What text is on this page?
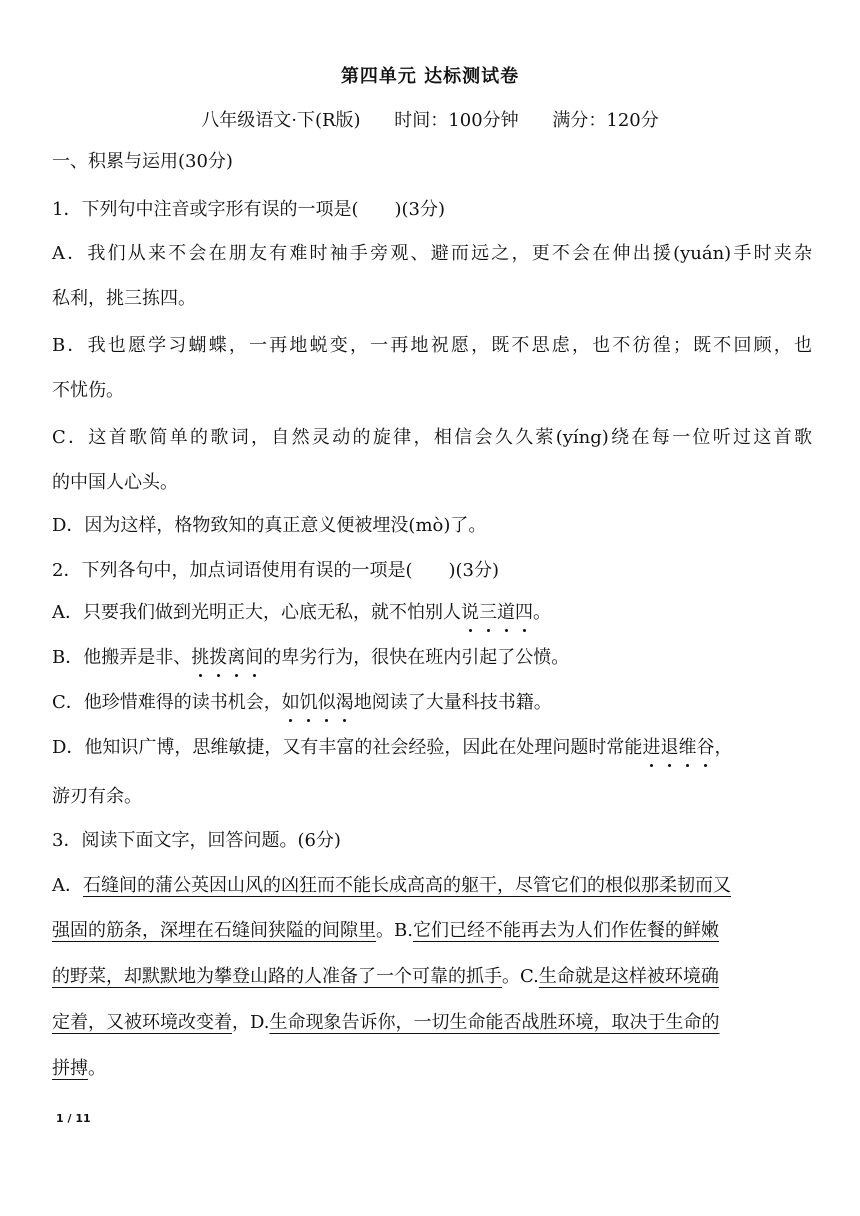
第四单元 达标测试卷
八年级语文·下(R版) 时间：100分钟 满分：120分
一、积累与运用(30分)
1．下列句中注音或字形有误的一项是( )(3分)
A．我们从来不会在朋友有难时袖手旁观、避而远之，更不会在伸出援(yuán)手时夹杂
私利，挑三拣四。
B．我也愿学习蝴蝶，一再地蜕变，一再地祝愿，既不思虑，也不彷徨；既不回顾，也
不忧伤。
C．这首歌简单的歌词，自然灵动的旋律，相信会久久萦(yíng)绕在每一位听过这首歌
的中国人心头。
D．因为这样，格物致知的真正意义便被埋没(mò)了。
2．下列各句中，加点词语使用有误的一项是( )(3分)
A．只要我们做到光明正大，心底无私，就不怕别人说三道四。
B．他搬弄是非、挑拨离间的卑劣行为，很快在班内引起了公愤。
C．他珍惜难得的读书机会，如饥似渴地阅读了大量科技书籍。
D．他知识广博，思维敏捷，又有丰富的社会经验，因此在处理问题时常能进退维谷，
游刃有余。
3．阅读下面文字，回答问题。(6分)
A．石缝间的蒲公英因山风的凶狂而不能长成高高的躯干，尽管它们的根似那柔韧而又
强固的筋条，深埋在石缝间狭隘的间隙里。B.它们已经不能再去为人们作佐餐的鲜嫩
的野菜，却默默地为攀登山路的人准备了一个可靠的抓手。C.生命就是这样被环境确
定着，又被环境改变着，D.生命现象告诉你，一切生命能否战胜环境，取决于生命的
拼搏。
1 / 11
